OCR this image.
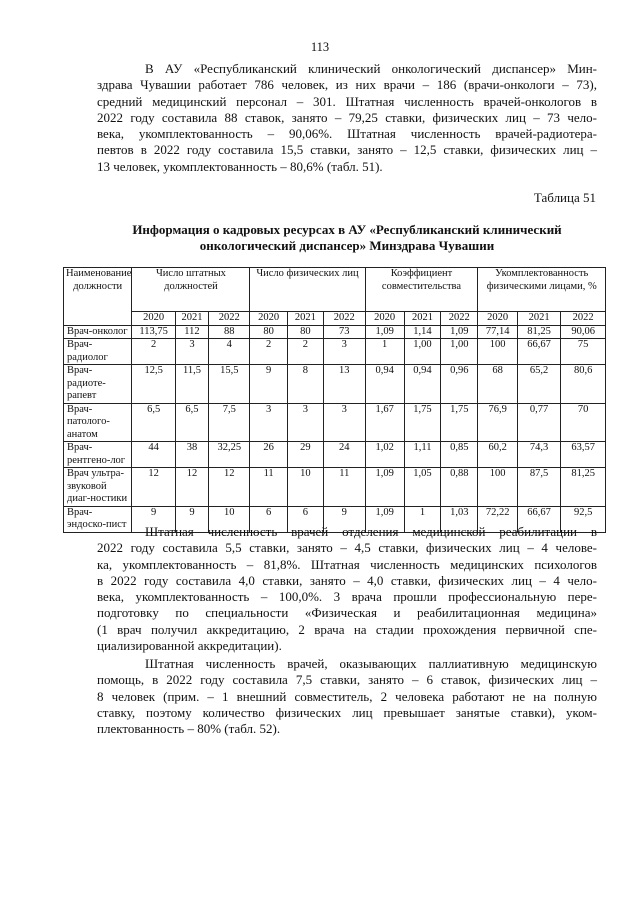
113

В АУ «Республиканский клинический онкологический диспансер» Мин-
здрава Чувашии работает 786 человек, из них врачи – 186 (врачи-онкологи – 73),
средний медицинский персонал – 301. Штатная численность врачей-онкологов в
2022 году составила 88 ставок, занято – 79,25 ставки, физических лиц – 73 чело-
века, укомплектованность – 90,06%. Штатная численность врачей-радиотера-
певтов в 2022 году составила 15,5 ставки, занято – 12,5 ставки, физических лиц –
13 человек, укомплектованность – 80,6% (табл. 51).

Таблица 51
Информация о кадровых ресурсах в АУ «Республиканский клинический
онкологический диспансер» Минздрава Чувашии
Наименование должности	Число штатных должностей			Число физических лиц			Коэффициент совместительства			Укомплектованность физическими лицами, %		
	2020	2021	2022	2020	2021	2022	2020	2021	2022	2020	2021	2022
Врач-онколог	113,75	112	88	80	80	73	1,09	1,14	1,09	77,14	81,25	90,06
Врач-радиолог	2	3	4	2	2	3	1	1,00	1,00	100	66,67	75
Врач-радиоте-рапевт	12,5	11,5	15,5	9	8	13	0,94	0,94	0,96	68	65,2	80,6
Врач-патолого-анатом	6,5	6,5	7,5	3	3	3	1,67	1,75	1,75	76,9	0,77	70
Врач-рентгено-лог	44	38	32,25	26	29	24	1,02	1,11	0,85	60,2	74,3	63,57
Врач ультра-звуковой диаг-ностики	12	12	12	11	10	11	1,09	1,05	0,88	100	87,5	81,25
Врач-эндоско-пист	9	9	10	6	6	9	1,09	1	1,03	72,22	66,67	92,5

Штатная численность врачей отделения медицинской реабилитации в
2022 году составила 5,5 ставки, занято – 4,5 ставки, физических лиц – 4 челове-
ка, укомплектованность – 81,8%. Штатная численность медицинских психологов
в 2022 году составила 4,0 ставки, занято – 4,0 ставки, физических лиц – 4 чело-
века, укомплектованность – 100,0%. 3 врача прошли профессиональную пере-
подготовку по специальности «Физическая и реабилитационная медицина»
(1 врач получил аккредитацию, 2 врача на стадии прохождения первичной спе-
циализированной аккредитации).

Штатная численность врачей, оказывающих паллиативную медицинскую
помощь, в 2022 году составила 7,5 ставки, занято – 6 ставок, физических лиц –
8 человек (прим. – 1 внешний совместитель, 2 человека работают не на полную
ставку, поэтому количество физических лиц превышает занятые ставки), уком-
плектованность – 80% (табл. 52).
